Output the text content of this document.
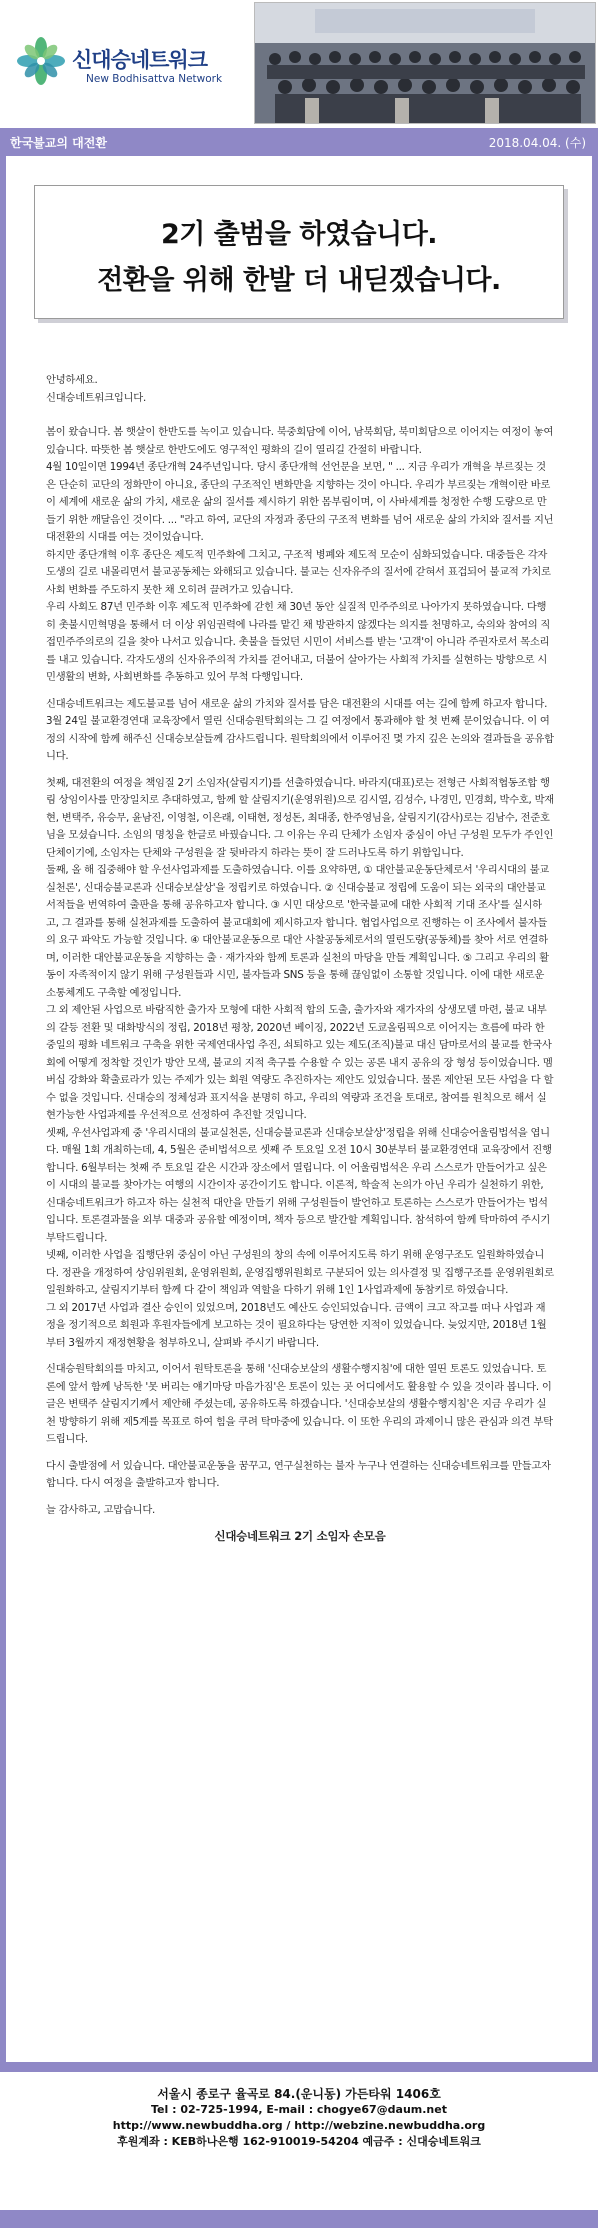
신대승네트워크
New Bodhisattva Network
한국불교의 대전환	2018.04.04. (수)
2기 출범을 하였습니다.
전환을 위해 한발 더 내딛겠습니다.

안녕하세요.

신대승네트워크입니다.

봄이 왔습니다. 봄 햇살이 한반도를 녹이고 있습니다. 북중회담에 이어, 남북회담, 북미회담으로 이어지는 여정이 놓여 있습니다. 따뜻한 봄 햇살로 한반도에도 영구적인 평화의 길이 열리길 간절히 바랍니다.

4월 10일이면 1994년 종단개혁 24주년입니다. 당시 종단개혁 선언문을 보면, " ... 지금 우리가 개혁을 부르짖는 것은 단순히 교단의 정화만이 아니요, 종단의 구조적인 변화만을 지향하는 것이 아니다. 우리가 부르짖는 개혁이란 바로 이 세계에 새로운 삶의 가치, 새로운 삶의 질서를 제시하기 위한 몸부림이며, 이 사바세계를 청정한 수행 도량으로 만들기 위한 깨달음인 것이다. ... "라고 하여, 교단의 자정과 종단의 구조적 변화를 넘어 새로운 삶의 가치와 질서를 지닌 대전환의 시대를 여는 것이었습니다.

하지만 종단개혁 이후 종단은 제도적 민주화에 그치고, 구조적 병폐와 제도적 모순이 심화되었습니다. 대중들은 각자도생의 길로 내몰리면서 불교공동체는 와해되고 있습니다. 불교는 신자유주의 질서에 갇혀서 표겁되어 불교적 가치로 사회 변화를 주도하지 못한 채 오히려 끌려가고 있습니다.

우리 사회도 87년 민주화 이후 제도적 민주화에 갇힌 채 30년 동안 실질적 민주주의로 나아가지 못하였습니다. 다행히 촛불시민혁명을 통해서 더 이상 위임권력에 나라를 맡긴 채 방관하지 않겠다는 의지를 천명하고, 숙의와 참여의 직접민주주의로의 길을 찾아 나서고 있습니다. 촛불을 들었던 시민이 서비스를 받는 '고객'이 아니라 주권자로서 목소리를 내고 있습니다. 각자도생의 신자유주의적 가치를 걷어내고, 더불어 살아가는 사회적 가치를 실현하는 방향으로 시민생활의 변화, 사회변화를 추동하고 있어 무척 다행입니다.

신대승네트워크는 제도불교를 넘어 새로운 삶의 가치와 질서를 담은 대전환의 시대를 여는 길에 함께 하고자 합니다. 3월 24일 불교환경연대 교육장에서 열린 신대승원탁회의는 그 길 여정에서 통과해야 할 첫 번째 문이었습니다. 이 여정의 시작에 함께 해주신 신대승보살들께 감사드립니다. 원탁회의에서 이루어진 몇 가지 깊은 논의와 결과들을 공유합니다.

첫째, 대전환의 여정을 책임질 2기 소임자(살림지기)를 선출하였습니다. 바라지(대표)로는 전형근 사회적협동조합 행림 상임이사를 만장일치로 추대하였고, 함께 할 살림지기(운영위원)으로 김시열, 김성수, 나경민, 민경희, 박수호, 박재현, 변택주, 유승무, 윤남진, 이영철, 이은래, 이태현, 정성돈, 최대종, 한주영님을, 살림지기(감사)로는 김남수, 전준호님을 모셨습니다. 소임의 명칭을 한글로 바꿨습니다. 그 이유는 우리 단체가 소임자 중심이 아닌 구성원 모두가 주인인 단체이기에, 소임자는 단체와 구성원을 잘 뒷바라지 하라는 뜻이 잘 드러나도록 하기 위함입니다.

둘째, 올 해 집중해야 할 우선사업과제를 도출하였습니다. 이를 요약하면, ① 대안불교운동단체로서 '우리시대의 불교실천론', 신대승불교론과 신대승보살상'을 정립키로 하였습니다. ② 신대승불교 정립에 도움이 되는 외국의 대안불교 서적들을 번역하여 출판을 통해 공유하고자 합니다. ③ 시민 대상으로 '한국불교에 대한 사회적 기대 조사'를 실시하고, 그 결과를 통해 실천과제를 도출하여 불교대회에 제시하고자 합니다. 협업사업으로 진행하는 이 조사에서 불자들의 요구 파악도 가능할 것입니다. ④ 대안불교운동으로 대안 사찰공동체로서의 열린도량(공동체)를 찾아 서로 연결하며, 이러한 대안불교운동을 지향하는 출 · 재가자와 함께 토론과 실천의 마당을 만들 계획입니다. ⑤ 그리고 우리의 활동이 자족적이지 않기 위해 구성원들과 시민, 불자들과 SNS 등을 통해 끊임없이 소통할 것입니다. 이에 대한 새로운 소통체계도 구축할 예정입니다.

그 외 제안된 사업으로 바람직한 출가자 모형에 대한 사회적 합의 도출, 출가자와 재가자의 상생모델 마련, 불교 내부의 갈등 전환 및 대화방식의 정립, 2018년 평창, 2020년 베이징, 2022년 도쿄올림픽으로 이어지는 흐름에 따라 한중일의 평화 네트워크 구축을 위한 국제연대사업 추진, 쇠퇴하고 있는 제도(조직)불교 대신 담마로서의 불교를 한국사회에 어떻게 정착할 것인가 방안 모색, 불교의 지적 축구를 수용할 수 있는 공론 내지 공유의 장 형성 등이었습니다. 멤버십 강화와 확출료라가 있는 주제가 있는 회원 역량도 추진하자는 제안도 있었습니다. 물론 제안된 모든 사업을 다 할 수 없을 것입니다. 신대승의 정체성과 표지석을 분명히 하고, 우리의 역량과 조건을 토대로, 참여를 원칙으로 해서 실현가능한 사업과제를 우선적으로 선정하여 추진할 것입니다.

셋째, 우선사업과제 중 '우리시대의 불교실천론, 신대승불교론과 신대승보살상'정립을 위해 신대승어울림법석을 엽니다. 매월 1회 개최하는데, 4, 5월은 준비법석으로 셋째 주 토요일 오전 10시 30분부터 불교환경연대 교육장에서 진행합니다. 6월부터는 첫째 주 토요일 같은 시간과 장소에서 열립니다. 이 어울림법석은 우리 스스로가 만들어가고 싶은 이 시대의 불교를 찾아가는 여행의 시간이자 공간이기도 합니다. 이론적, 학술적 논의가 아닌 우리가 실천하기 위한, 신대승네트워크가 하고자 하는 실천적 대안을 만들기 위해 구성원들이 발언하고 토론하는 스스로가 만들어가는 법석입니다. 토론결과물을 외부 대중과 공유할 예정이며, 책자 등으로 발간할 계획입니다. 참석하여 함께 탁마하여 주시기 부탁드립니다.

넷째, 이러한 사업을 집행단위 중심이 아닌 구성원의 창의 속에 이루어지도록 하기 위해 운영구조도 일원화하였습니다. 정관을 개정하여 상임위원회, 운영위원회, 운영집행위원회로 구분되어 있는 의사결정 및 집행구조를 운영위원회로 일원화하고, 살림지기부터 함께 다 같이 책임과 역할을 다하기 위해 1인 1사업과제에 동참키로 하였습니다.

그 외 2017년 사업과 결산 승인이 있었으며, 2018년도 예산도 승인되었습니다. 금액이 크고 작고를 떠나 사업과 재정을 정기적으로 회원과 후원자들에게 보고하는 것이 필요하다는 당연한 지적이 있었습니다. 늦었지만, 2018년 1월부터 3월까지 재정현황을 첨부하오니, 살펴봐 주시기 바랍니다.

신대승원탁회의를 마치고, 이어서 원탁토론을 통해 '신대승보살의 생활수행지침'에 대한 열띤 토론도 있었습니다. 토론에 앞서 함께 낭독한 '못 버리는 얘기마당 마음가짐'은 토론이 있는 곳 어디에서도 활용할 수 있을 것이라 봅니다. 이 글은 변택주 살림지기께서 제안해 주셨는데, 공유하도록 하겠습니다. '신대승보살의 생활수행지침'은 지금 우리가 실천 방향하기 위해 제5계를 목표로 하여 힘을 쿠려 탁마중에 있습니다. 이 또한 우리의 과제이니 많은 관심과 의견 부탁드립니다.

다시 출발점에 서 있습니다. 대안불교운동을 꿈꾸고, 연구실천하는 불자 누구나 연결하는 신대승네트워크를 만들고자 합니다. 다시 여정을 출발하고자 합니다.

늘 감사하고, 고맙습니다.

신대승네트워크 2기 소임자 손모음

서울시 종로구 율곡로 84.(운니동) 가든타워 1406호
Tel : 02-725-1994, E-mail : chogye67@daum.net
http://www.newbuddha.org / http://webzine.newbuddha.org
후원계좌 : KEB하나은행 162-910019-54204 예금주 : 신대승네트워크
